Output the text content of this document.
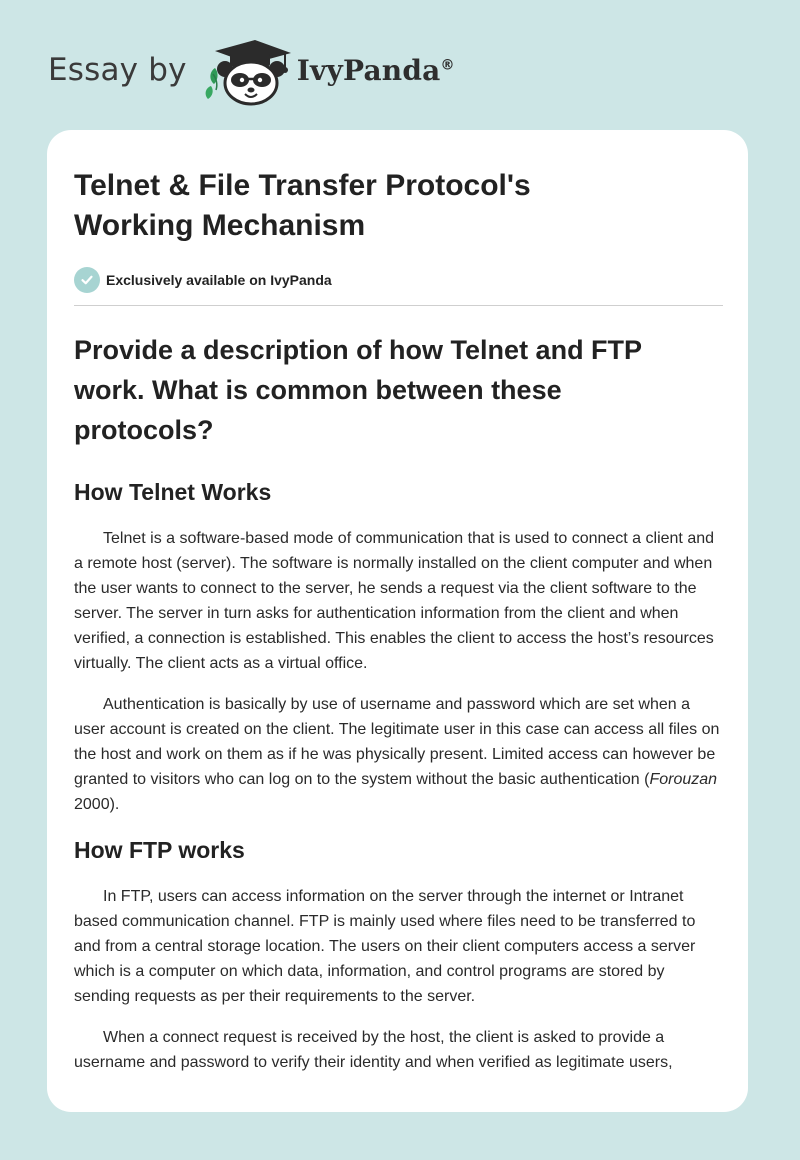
Essay by	IvyPanda®
Telnet & File Transfer Protocol's
Working Mechanism
Exclusively available on IvyPanda
Provide a description of how Telnet and FTP
work. What is common between these
protocols?
How Telnet Works

Telnet is a software-based mode of communication that is used to connect a client and a remote host (server). The software is normally installed on the client computer and when the user wants to connect to the server, he sends a request via the client software to the server. The server in turn asks for authentication information from the client and when verified, a connection is established. This enables the client to access the host’s resources virtually. The client acts as a virtual office.

Authentication is basically by use of username and password which are set when a user account is created on the client. The legitimate user in this case can access all files on the host and work on them as if he was physically present. Limited access can however be granted to visitors who can log on to the system without the basic authentication (Forouzan 2000).

How FTP works

In FTP, users can access information on the server through the internet or Intranet based communication channel. FTP is mainly used where files need to be transferred to and from a central storage location. The users on their client computers access a server which is a computer on which data, information, and control programs are stored by sending requests as per their requirements to the server.

When a connect request is received by the host, the client is asked to provide a username and password to verify their identity and when verified as legitimate users,
